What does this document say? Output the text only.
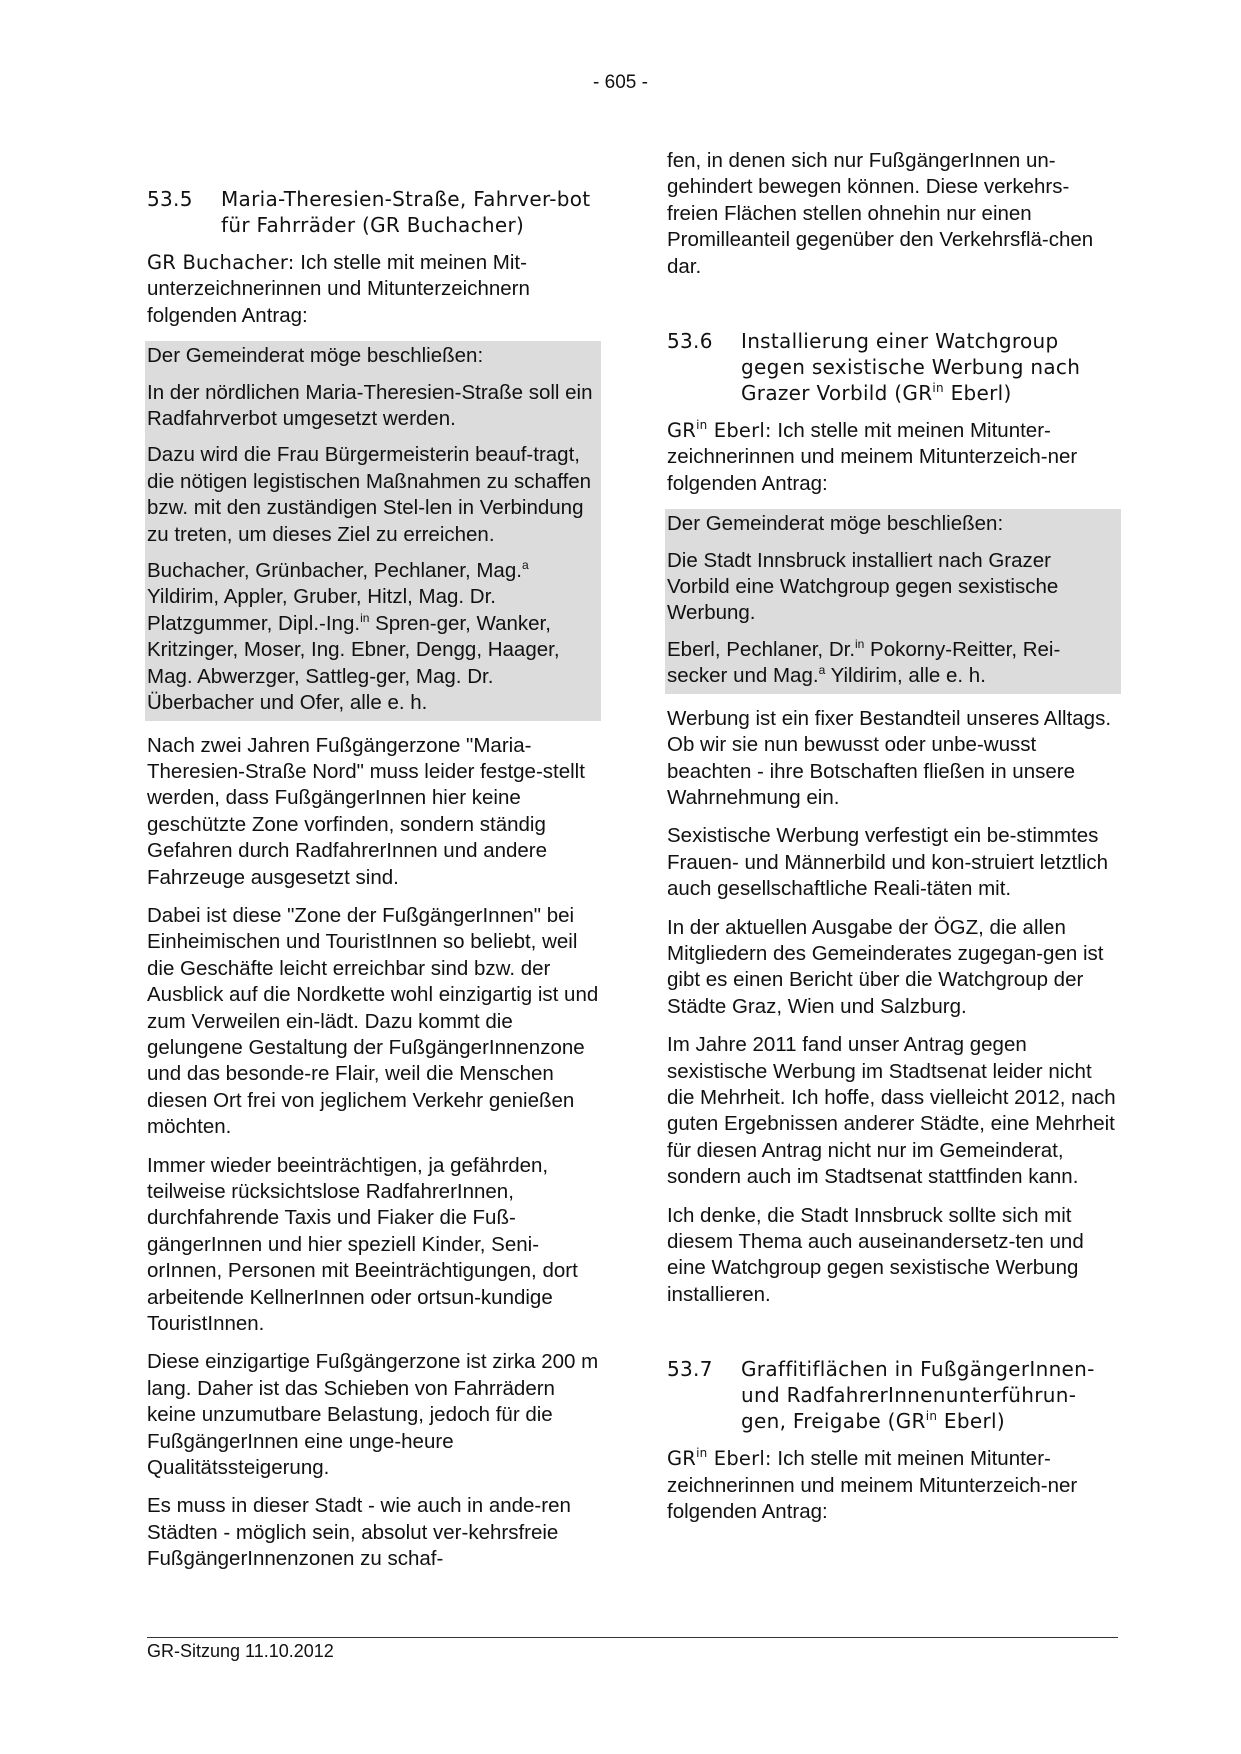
- 605 -
53.5	Maria-Theresien-Straße, Fahrver-bot für Fahrräder (GR Buchacher)

GR Buchacher: Ich stelle mit meinen Mit-unterzeichnerinnen und Mitunterzeichnern folgenden Antrag:

Der Gemeinderat möge beschließen:

In der nördlichen Maria-Theresien-Straße soll ein Radfahrverbot umgesetzt werden.

Dazu wird die Frau Bürgermeisterin beauf-tragt, die nötigen legistischen Maßnahmen zu schaffen bzw. mit den zuständigen Stel-len in Verbindung zu treten, um dieses Ziel zu erreichen.

Buchacher, Grünbacher, Pechlaner, Mag.$^a$ Yildirim, Appler, Gruber, Hitzl, Mag. Dr. Platzgummer, Dipl.-Ing.$^{in}$ Spren-ger, Wanker, Kritzinger, Moser, Ing. Ebner, Dengg, Haager, Mag. Abwerzger, Sattleg-ger, Mag. Dr. Überbacher und Ofer, alle e. h.

Nach zwei Jahren Fußgängerzone "Maria-Theresien-Straße Nord" muss leider festge-stellt werden, dass FußgängerInnen hier keine geschützte Zone vorfinden, sondern ständig Gefahren durch RadfahrerInnen und andere Fahrzeuge ausgesetzt sind.

Dabei ist diese "Zone der FußgängerInnen" bei Einheimischen und TouristInnen so beliebt, weil die Geschäfte leicht erreichbar sind bzw. der Ausblick auf die Nordkette wohl einzigartig ist und zum Verweilen ein-lädt. Dazu kommt die gelungene Gestaltung der FußgängerInnenzone und das besonde-re Flair, weil die Menschen diesen Ort frei von jeglichem Verkehr genießen möchten.

Immer wieder beeinträchtigen, ja gefährden, teilweise rücksichtslose RadfahrerInnen, durchfahrende Taxis und Fiaker die Fuß-gängerInnen und hier speziell Kinder, Seni-orInnen, Personen mit Beeinträchtigungen, dort arbeitende KellnerInnen oder ortsun-kundige TouristInnen.

Diese einzigartige Fußgängerzone ist zirka 200 m lang. Daher ist das Schieben von Fahrrädern keine unzumutbare Belastung, jedoch für die FußgängerInnen eine unge-heure Qualitätssteigerung.

Es muss in dieser Stadt - wie auch in ande-ren Städten - möglich sein, absolut ver-kehrsfreie FußgängerInnenzonen zu schaf-

fen, in denen sich nur FußgängerInnen un-gehindert bewegen können. Diese verkehrs-freien Flächen stellen ohnehin nur einen Promilleanteil gegenüber den Verkehrsflä-chen dar.

53.6	Installierung einer Watchgroup gegen sexistische Werbung nach Grazer Vorbild ($GR^{in}$ Eberl)

$GR^{in}$ Eberl: Ich stelle mit meinen Mitunter-zeichnerinnen und meinem Mitunterzeich-ner folgenden Antrag:

Der Gemeinderat möge beschließen:

Die Stadt Innsbruck installiert nach Grazer Vorbild eine Watchgroup gegen sexistische Werbung.

Eberl, Pechlaner, Dr.$^{in}$ Pokorny-Reitter, Rei-secker und Mag.$^a$ Yildirim, alle e. h.

Werbung ist ein fixer Bestandteil unseres Alltags. Ob wir sie nun bewusst oder unbe-wusst beachten - ihre Botschaften fließen in unsere Wahrnehmung ein.

Sexistische Werbung verfestigt ein be-stimmtes Frauen- und Männerbild und kon-struiert letztlich auch gesellschaftliche Reali-täten mit.

In der aktuellen Ausgabe der ÖGZ, die allen Mitgliedern des Gemeinderates zugegan-gen ist gibt es einen Bericht über die Watchgroup der Städte Graz, Wien und Salzburg.

Im Jahre 2011 fand unser Antrag gegen sexistische Werbung im Stadtsenat leider nicht die Mehrheit. Ich hoffe, dass vielleicht 2012, nach guten Ergebnissen anderer Städte, eine Mehrheit für diesen Antrag nicht nur im Gemeinderat, sondern auch im Stadtsenat stattfinden kann.

Ich denke, die Stadt Innsbruck sollte sich mit diesem Thema auch auseinandersetz-ten und eine Watchgroup gegen sexistische Werbung installieren.

53.7	Graffitiflächen in FußgängerInnen- und RadfahrerInnenunterführun-gen, Freigabe ($GR^{in}$ Eberl)

$GR^{in}$ Eberl: Ich stelle mit meinen Mitunter-zeichnerinnen und meinem Mitunterzeich-ner folgenden Antrag:

GR-Sitzung 11.10.2012
